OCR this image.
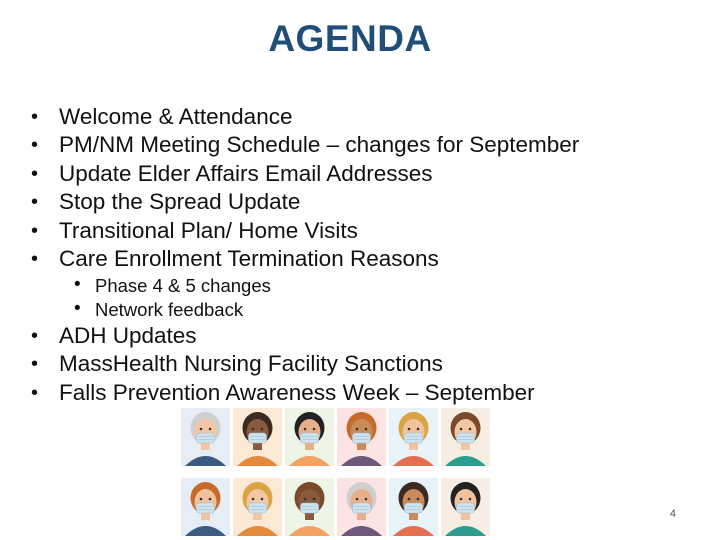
AGENDA
• Welcome & Attendance
• PM/NM Meeting Schedule – changes for September
• Update Elder Affairs Email Addresses
• Stop the Spread Update
• Transitional Plan/ Home Visits
• Care Enrollment Termination Reasons
• Phase 4 & 5 changes
• Network feedback
• ADH Updates
• MassHealth Nursing Facility Sanctions
• Falls Prevention Awareness Week – September
4
